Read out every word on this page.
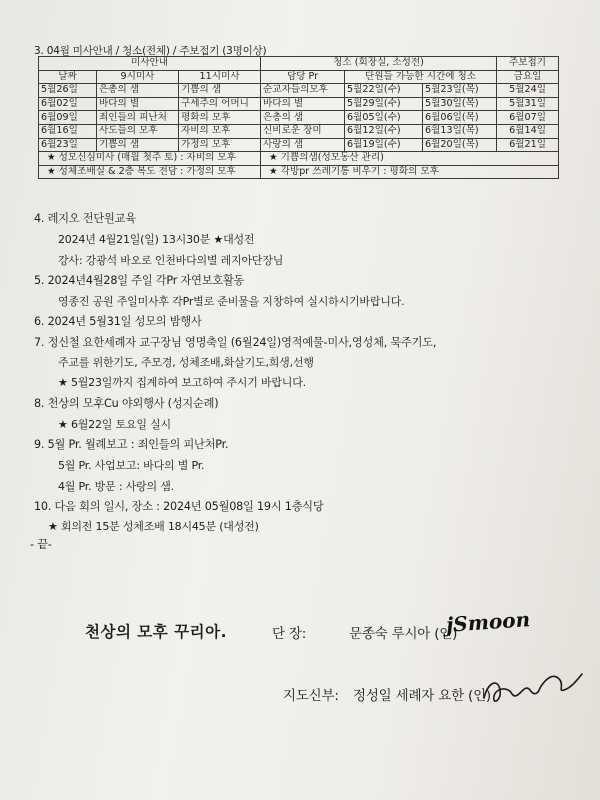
3. 04월 미사안내 / 청소(전체) / 주보접기 (3명이상)
미사안내			청소 (회장실, 소성전)			주보접기
날짜	9시미사	11시미사	담당 Pr	단원들 가능한 시간에 청소		금요일
5월26일	은총의 샘	기쁨의 샘	순교자들의모후	5월22일(수)	5월23일(목)	5월24일
6월02일	바다의 별	구세주의 어머니	바다의 별	5월29일(수)	5월30일(목)	5월31일
6월09일	죄인들의 피난처	평화의 모후	은총의 샘	6월05일(수)	6월06일(목)	6월07일
6월16일	사도들의 모후	자비의 모후	신비로운 장미	6월12일(수)	6월13일(목)	6월14일
6월23일	기쁨의 샘	가정의 모후	사랑의 샘	6월19일(수)	6월20일(목)	6월21일
★ 성모신심미사 (매월 첫주 토) : 자비의 모후			★ 기쁨의샘(성모동산 관리)			
★ 성체조배실 & 2층 복도 전담 : 가정의 모후			★ 각방pr 쓰레기통 비우기 : 평화의 모후			
4. 레지오 전단원교육
2024년 4월21일(일) 13시30분 ★대성전
강사: 강광석 바오로 인천바다의별 레지아단장님
5. 2024년4월28일 주일 각Pr 자연보호활동
영종진 공원 주일미사후 각Pr별로 준비물을 지창하여 실시하시기바랍니다.
6. 2024년 5월31일 성모의 밤행사
7. 정신철 요한세례자 교구장님 영명축일 (6월24일)영적예물-미사,영성체, 묵주기도,
주교를 위한기도, 주모경, 성체조배,화살기도,희생,선행
★ 5월23일까지 집계하여 보고하여 주시기 바랍니다.
8. 천상의 모후Cu 야외행사 (성지순례)
★ 6월22일 토요일 실시
9. 5월 Pr. 월례보고 : 죄인들의 피난처Pr.
5월 Pr. 사업보고: 바다의 별 Pr.
4월 Pr. 방문 : 사랑의 샘.
10. 다음 회의 일시, 장소 : 2024년 05월08일 19시 1층식당
★ 회의전 15분 성체조배 18시45분 (대성전)
- 끝-
천상의 모후 꾸리아.	단 장:	문종숙 루시아 (인)
jSmoon
지도신부: 정성일 세례자 요한 (인)
